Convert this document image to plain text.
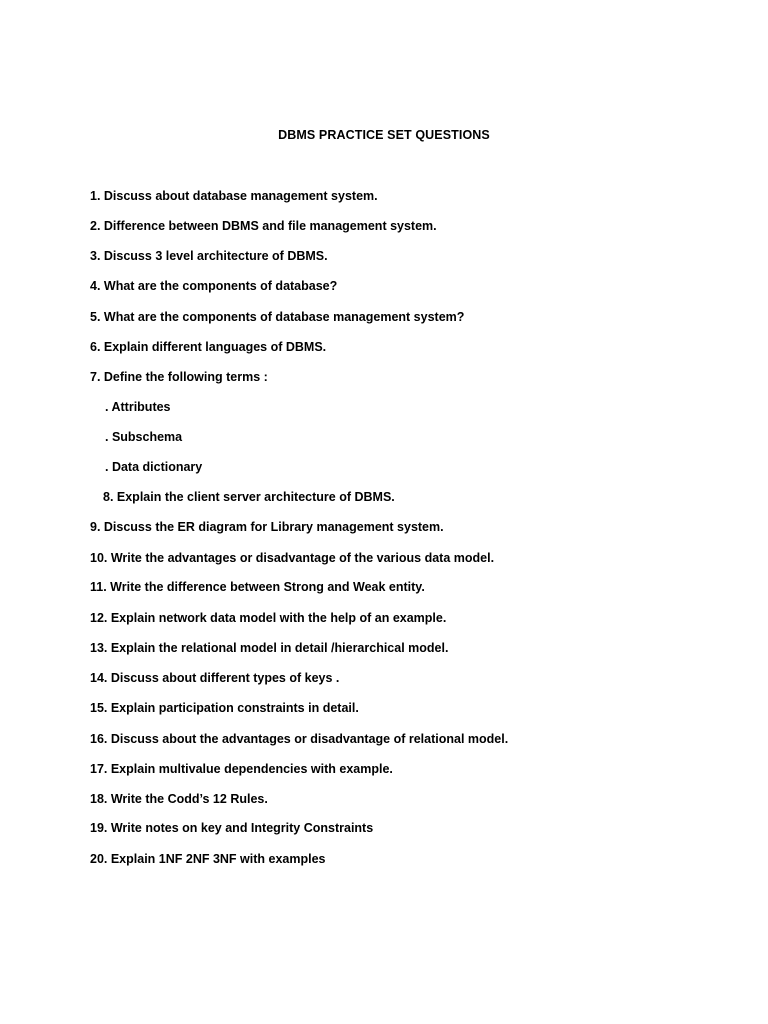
DBMS PRACTICE SET QUESTIONS
1. Discuss about database management system.
2. Difference between DBMS and file management system.
3. Discuss 3 level architecture of DBMS.
4. What are the components of database?
5. What are the components of database management system?
6. Explain different languages of DBMS.
7. Define the following terms :
. Attributes
. Subschema
. Data dictionary
8. Explain the client server architecture of DBMS.
9. Discuss the ER diagram for Library management system.
10. Write the advantages or disadvantage of the various data model.
11. Write the difference between Strong and Weak entity.
12. Explain network data model with the help of an example.
13. Explain the relational model in detail /hierarchical model.
14. Discuss about different types of keys .
15. Explain participation constraints in detail.
16. Discuss about the advantages or disadvantage of relational model.
17. Explain multivalue dependencies with example.
18. Write the Codd’s 12 Rules.
19. Write notes on key and Integrity Constraints
20. Explain 1NF 2NF 3NF with examples
